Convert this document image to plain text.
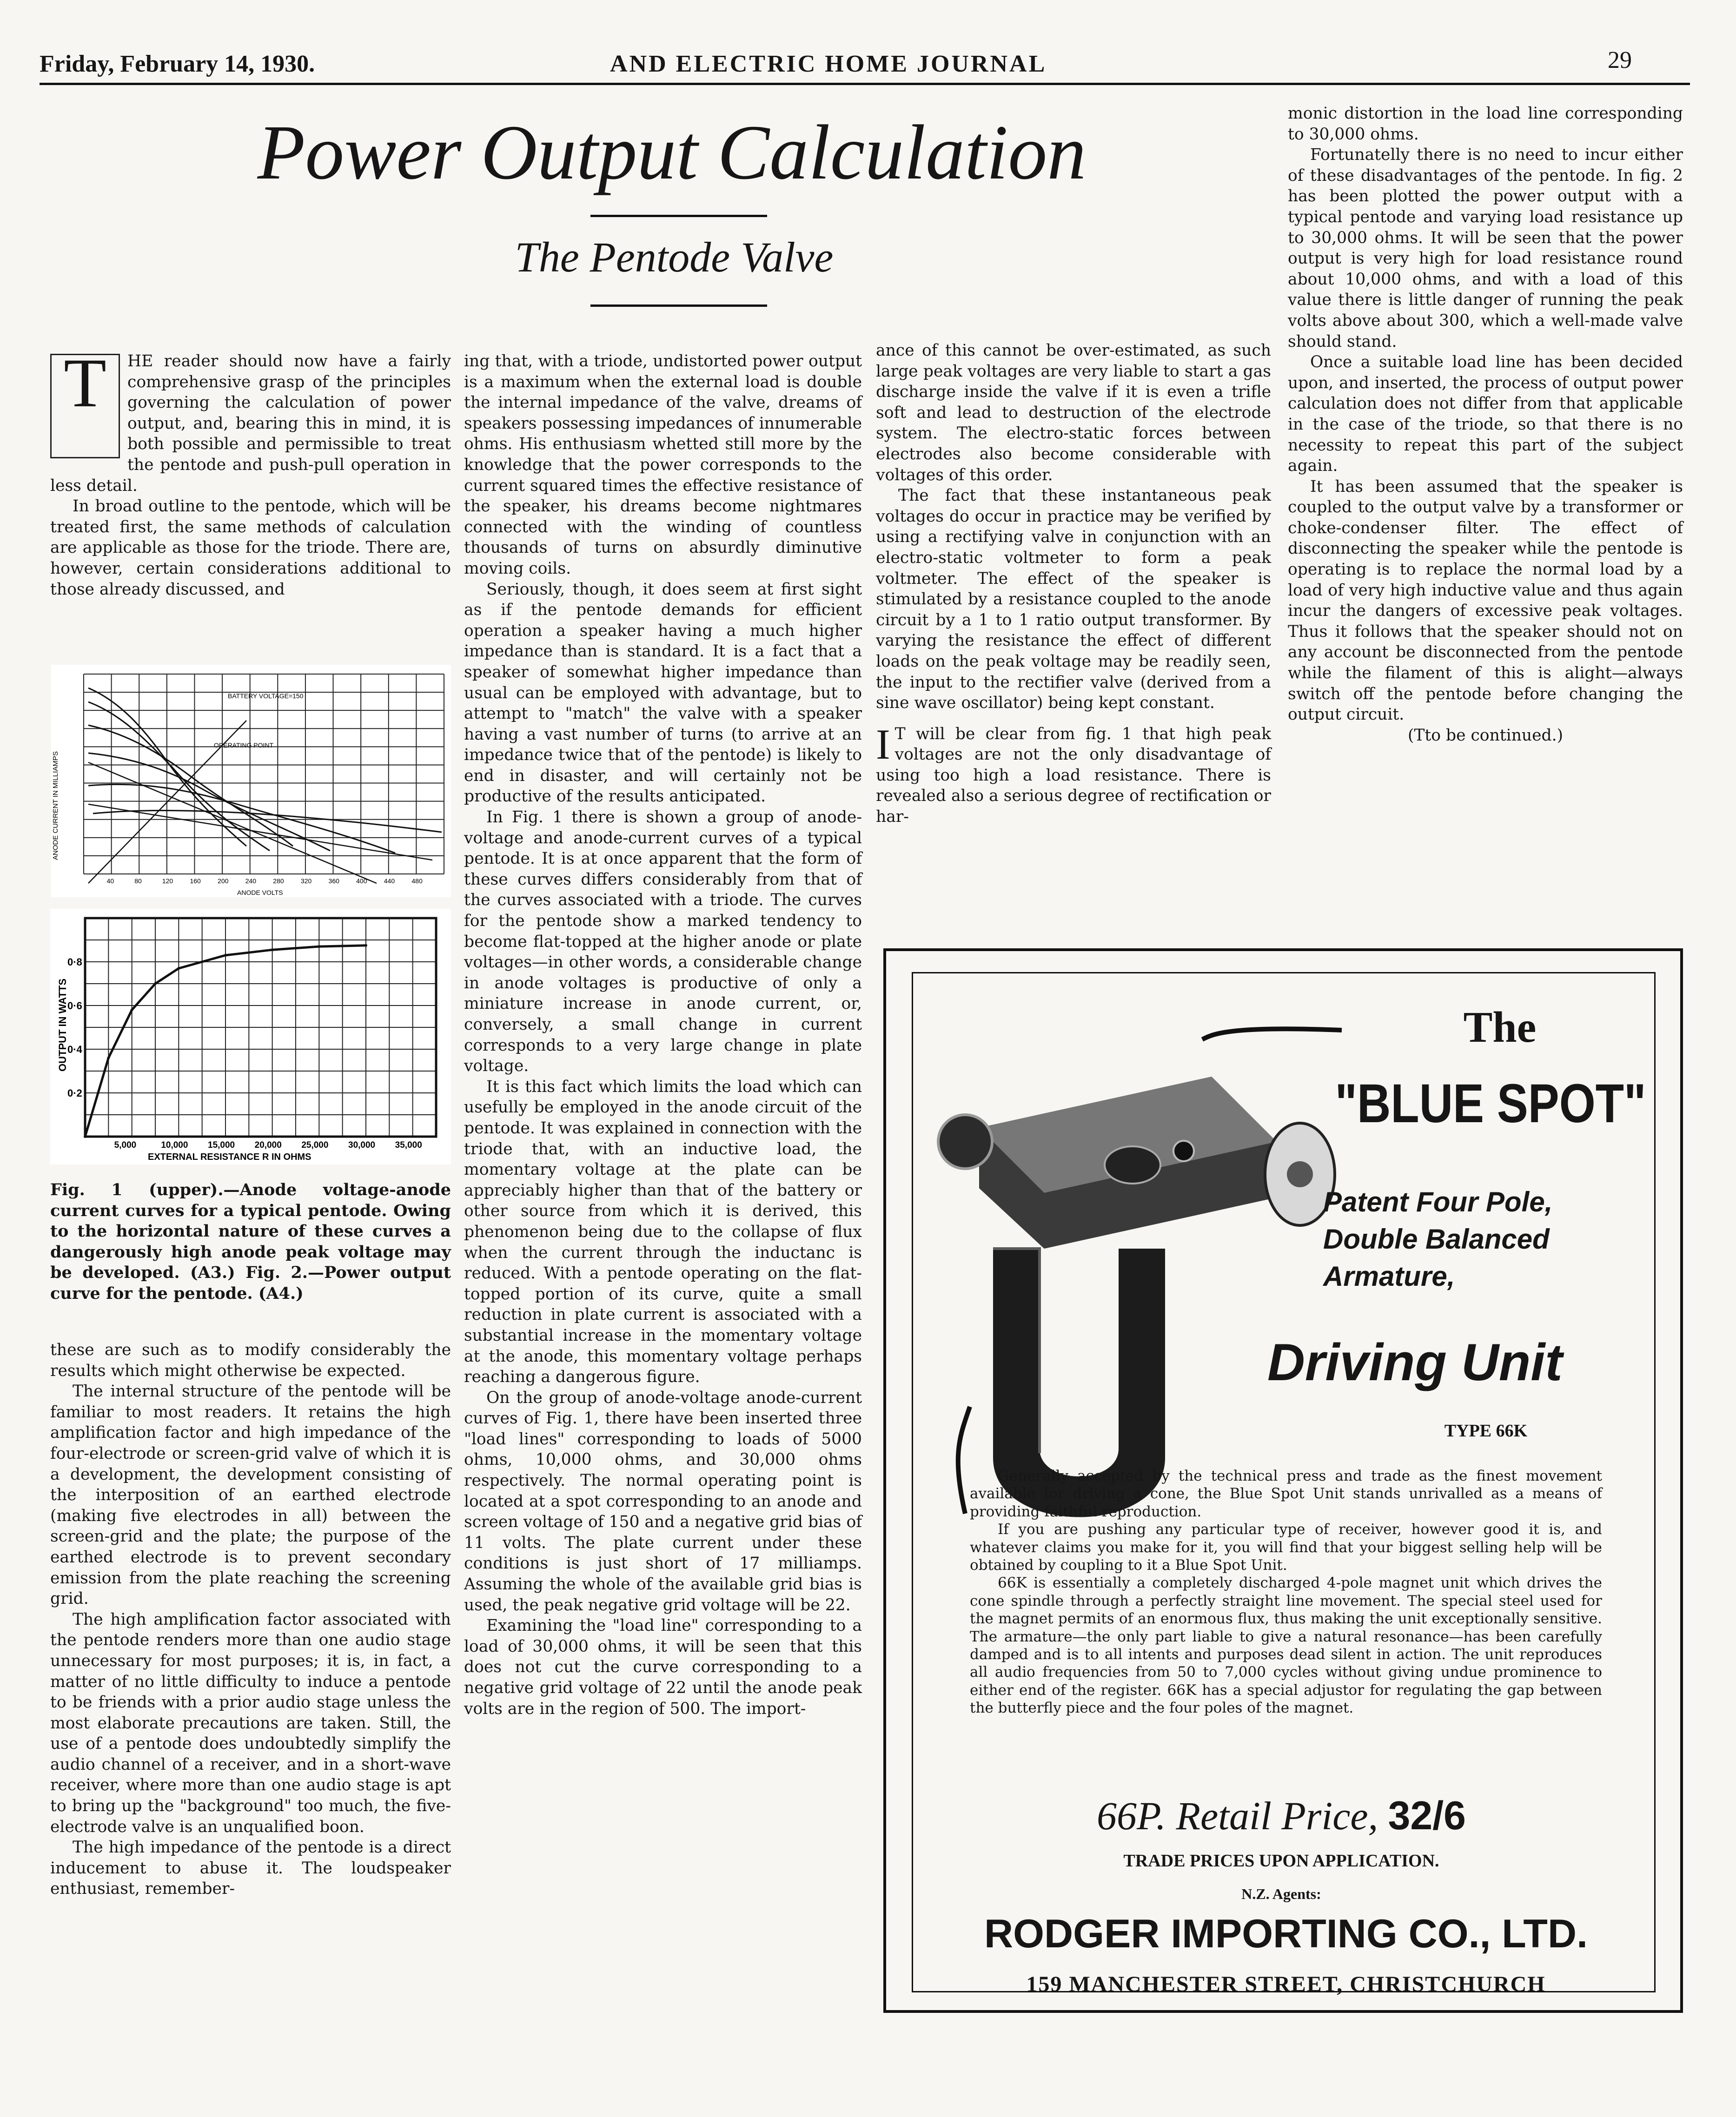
Friday, February 14, 1930.	AND ELECTRIC HOME JOURNAL	29
Power Output Calculation
The Pentode Valve
T	HE reader should now have a fairly comprehensive grasp of the principles governing the calculation of power output, and, bearing this in mind, it is both possible and permissible to treat the pentode and push-pull operation in less detail.

In broad outline to the pentode, which will be treated first, the same methods of calculation are applicable as those for the triode. There are, however, certain considerations additional to those already discussed, and

BATTERY VOLTAGE=150
OPERATING POINT
ANODE CURRENT IN MILLIAMPS
40	80	120	160	200	240	280	320	360	400	440	480
ANODE VOLTS
OUTPUT IN WATTS
EXTERNAL RESISTANCE R IN OHMS
0·2
0·4
0·6
0·8
5,000	10,000 15,000 20,000 25,000 30,000 35,000
Fig. 1 (upper).—Anode voltage-anode current curves for a typical pentode. Owing to the horizontal nature of these curves a dangerously high anode peak voltage may be developed. (A3.) Fig. 2.—Power output curve for the pentode. (A4.)

these are such as to modify considerably the results which might otherwise be expected.

The internal structure of the pentode will be familiar to most readers. It retains the high amplification factor and high impedance of the four-electrode or screen-grid valve of which it is a development, the development consisting of the interposition of an earthed electrode (making five electrodes in all) between the screen-grid and the plate; the purpose of the earthed electrode is to prevent secondary emission from the plate reaching the screening grid.

The high amplification factor associated with the pentode renders more than one audio stage unnecessary for most purposes; it is, in fact, a matter of no little difficulty to induce a pentode to be friends with a prior audio stage unless the most elaborate precautions are taken. Still, the use of a pentode does undoubtedly simplify the audio channel of a receiver, and in a short-wave receiver, where more than one audio stage is apt to bring up the "background" too much, the five-electrode valve is an unqualified boon.

The high impedance of the pentode is a direct inducement to abuse it. The loudspeaker enthusiast, remember-

ing that, with a triode, undistorted power output is a maximum when the external load is double the internal impedance of the valve, dreams of speakers possessing impedances of innumerable ohms. His enthusiasm whetted still more by the knowledge that the power corresponds to the current squared times the effective resistance of the speaker, his dreams become nightmares connected with the winding of countless thousands of turns on absurdly diminutive moving coils.

Seriously, though, it does seem at first sight as if the pentode demands for efficient operation a speaker having a much higher impedance than is standard. It is a fact that a speaker of somewhat higher impedance than usual can be employed with advantage, but to attempt to "match" the valve with a speaker having a vast number of turns (to arrive at an impedance twice that of the pentode) is likely to end in disaster, and will certainly not be productive of the results anticipated.

In Fig. 1 there is shown a group of anode-voltage and anode-current curves of a typical pentode. It is at once apparent that the form of these curves differs considerably from that of the curves associated with a triode. The curves for the pentode show a marked tendency to become flat-topped at the higher anode or plate voltages—in other words, a considerable change in anode voltages is productive of only a miniature increase in anode current, or, conversely, a small change in current corresponds to a very large change in plate voltage.

It is this fact which limits the load which can usefully be employed in the anode circuit of the pentode. It was explained in connection with the triode that, with an inductive load, the momentary voltage at the plate can be appreciably higher than that of the battery or other source from which it is derived, this phenomenon being due to the collapse of flux when the current through the inductanc is reduced. With a pentode operating on the flat-topped portion of its curve, quite a small reduction in plate current is associated with a substantial increase in the momentary voltage at the anode, this momentary voltage perhaps reaching a dangerous figure.

On the group of anode-voltage anode-current curves of Fig. 1, there have been inserted three "load lines" corresponding to loads of 5000 ohms, 10,000 ohms, and 30,000 ohms respectively. The normal operating point is located at a spot corresponding to an anode and screen voltage of 150 and a negative grid bias of 11 volts. The plate current under these conditions is just short of 17 milliamps. Assuming the whole of the available grid bias is used, the peak negative grid voltage will be 22.

Examining the "load line" corresponding to a load of 30,000 ohms, it will be seen that this does not cut the curve corresponding to a negative grid voltage of 22 until the anode peak volts are in the region of 500. The import-

ance of this cannot be over-estimated, as such large peak voltages are very liable to start a gas discharge inside the valve if it is even a trifle soft and lead to destruction of the electrode system. The electro-static forces between electrodes also become considerable with voltages of this order.

The fact that these instantaneous peak voltages do occur in practice may be verified by using a rectifying valve in conjunction with an electro-static voltmeter to form a peak voltmeter. The effect of the speaker is stimulated by a resistance coupled to the anode circuit by a 1 to 1 ratio output transformer. By varying the resistance the effect of different loads on the peak voltage may be readily seen, the input to the rectifier valve (derived from a sine wave oscillator) being kept constant.

I T will be clear from fig. 1 that high peak voltages are not the only disadvantage of using too high a load resistance. There is revealed also a serious degree of rectification or har-

monic distortion in the load line corresponding to 30,000 ohms.

Fortunatelly there is no need to incur either of these disadvantages of the pentode. In fig. 2 has been plotted the power output with a typical pentode and varying load resistance up to 30,000 ohms. It will be seen that the power output is very high for load resistance round about 10,000 ohms, and with a load of this value there is little danger of running the peak volts above about 300, which a well-made valve should stand.

Once a suitable load line has been decided upon, and inserted, the process of output power calculation does not differ from that applicable in the case of the triode, so that there is no necessity to repeat this part of the subject again.

It has been assumed that the speaker is coupled to the output valve by a transformer or choke-condenser filter. The effect of disconnecting the speaker while the pentode is operating is to replace the normal load by a load of very high inductive value and thus again incur the dangers of excessive peak voltages. Thus it follows that the speaker should not on any account be disconnected from the pentode while the filament of this is alight—always switch off the pentode before changing the output circuit.

(Tto be continued.)

The
"BLUE SPOT"
Patent Four Pole,
Double Balanced
Armature,
Driving Unit
TYPE 66K

Generally accepted by the technical press and trade as the finest movement available for driving a cone, the Blue Spot Unit stands unrivalled as a means of providing faithful reproduction.

If you are pushing any particular type of receiver, however good it is, and whatever claims you make for it, you will find that your biggest selling help will be obtained by coupling to it a Blue Spot Unit.

66K is essentially a completely discharged 4-pole magnet unit which drives the cone spindle through a perfectly straight line movement. The special steel used for the magnet permits of an enormous flux, thus making the unit exceptionally sensitive. The armature—the only part liable to give a natural resonance—has been carefully damped and is to all intents and purposes dead silent in action. The unit reproduces all audio frequencies from 50 to 7,000 cycles without giving undue prominence to either end of the register. 66K has a special adjustor for regulating the gap between the butterfly piece and the four poles of the magnet.

66P. Retail Price, 32/6
TRADE PRICES UPON APPLICATION.
N.Z. Agents:
RODGER IMPORTING CO., LTD.
159 MANCHESTER STREET, CHRISTCHURCH
